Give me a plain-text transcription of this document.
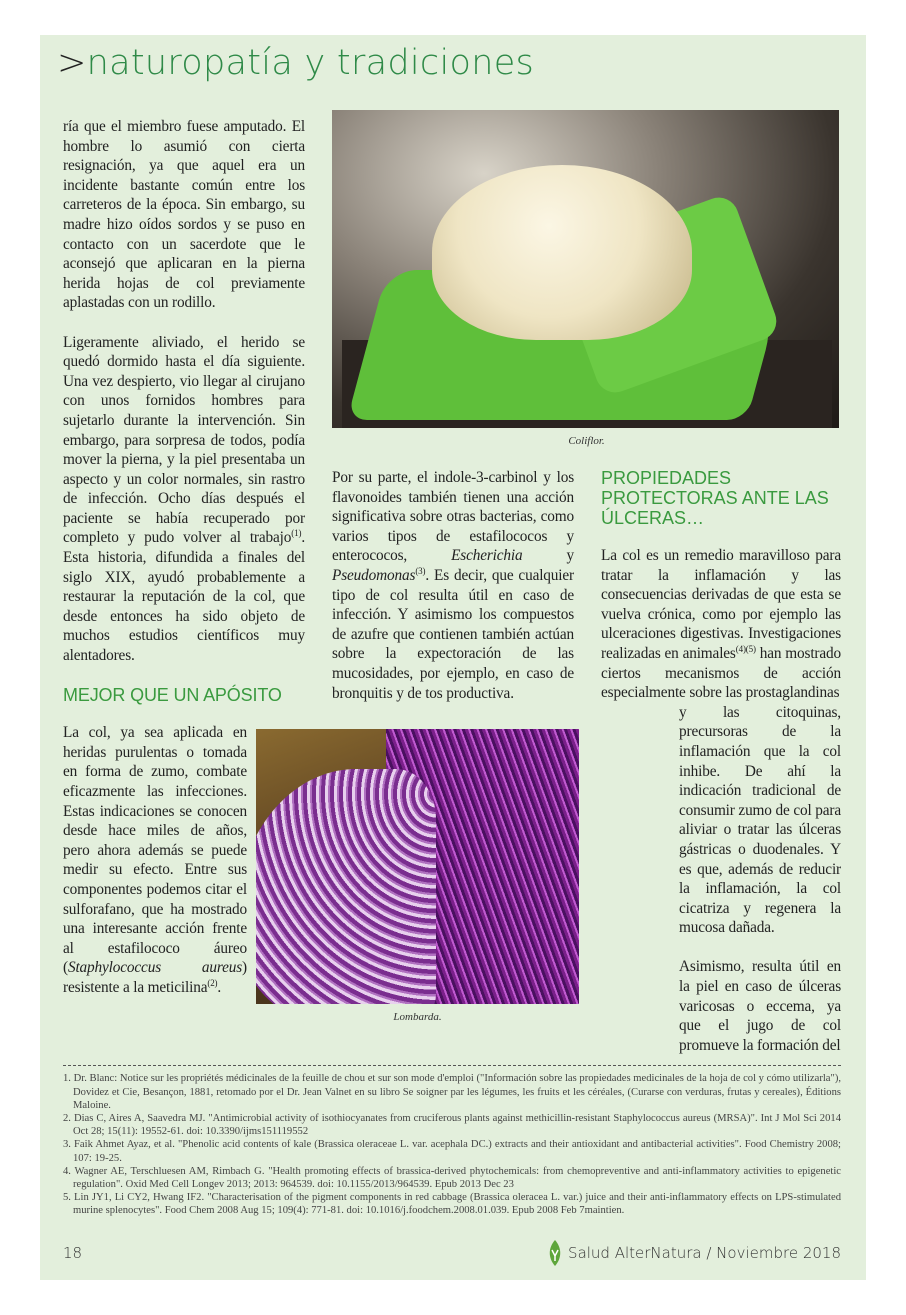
>naturopatía y tradiciones

ría que el miembro fuese amputado. El hombre lo asumió con cierta resignación, ya que aquel era un incidente bastante común entre los carreteros de la época. Sin embargo, su madre hizo oídos sordos y se puso en contacto con un sacerdote que le aconsejó que aplicaran en la pierna herida hojas de col previamente aplastadas con un rodillo.

Ligeramente aliviado, el herido se quedó dormido hasta el día siguiente. Una vez despierto, vio llegar al cirujano con unos fornidos hombres para sujetarlo durante la intervención. Sin embargo, para sorpresa de todos, podía mover la pierna, y la piel presentaba un aspecto y un color normales, sin rastro de infección. Ocho días después el paciente se había recuperado por completo y pudo volver al trabajo$^{(1)}$. Esta historia, difundida a finales del siglo XIX, ayudó probablemente a restaurar la reputación de la col, que desde entonces ha sido objeto de muchos estudios científicos muy alentadores.

MEJOR QUE UN APÓSITO

La col, ya sea aplicada en heridas purulentas o tomada en forma de zumo, combate eficazmente las infecciones. Estas indicaciones se conocen desde hace miles de años, pero ahora además se puede medir su efecto. Entre sus componentes podemos citar el sulforafano, que ha mostrado una interesante acción frente al estafilococo áureo (Staphylococcus aureus) resistente a la meticilina$^{(2)}$.

Coliflor.

Por su parte, el indole-3-carbinol y los flavonoides también tienen una acción significativa sobre otras bacterias, como varios tipos de estafilococos y enterococos, Escherichia y Pseudomonas$^{(3)}$. Es decir, que cualquier tipo de col resulta útil en caso de infección. Y asimismo los compuestos de azufre que contienen también actúan sobre la expectoración de las mucosidades, por ejemplo, en caso de bronquitis y de tos productiva.

Lombarda.
PROPIEDADES PROTECTORAS ANTE LAS ÚLCERAS…

La col es un remedio maravilloso para tratar la inflamación y las consecuencias derivadas de que esta se vuelva crónica, como por ejemplo las ulceraciones digestivas. Investigaciones realizadas en animales$^{(4)(5)}$ han mostrado ciertos mecanismos de acción especialmente sobre las prostaglandinas

y las citoquinas, precursoras de la inflamación que la col inhibe. De ahí la indicación tradicional de consumir zumo de col para aliviar o tratar las úlceras gástricas o duodenales. Y es que, además de reducir la inflamación, la col cicatriza y regenera la mucosa dañada.

Asimismo, resulta útil en la piel en caso de úlceras varicosas o eccema, ya que el jugo de col promueve la formación del

1. Dr. Blanc: Notice sur les propriétés médicinales de la feuille de chou et sur son mode d'emploi ("Información sobre las propiedades medicinales de la hoja de col y cómo utilizarla"), Dovidez et Cie, Besançon, 1881, retomado por el Dr. Jean Valnet en su libro Se soigner par les légumes, les fruits et les céréales, (Curarse con verduras, frutas y cereales), Éditions Maloine.
2. Dias C, Aires A, Saavedra MJ. "Antimicrobial activity of isothiocyanates from cruciferous plants against methicillin-resistant Staphylococcus aureus (MRSA)". Int J Mol Sci 2014 Oct 28; 15(11): 19552-61. doi: 10.3390/ijms151119552
3. Faik Ahmet Ayaz, et al. "Phenolic acid contents of kale (Brassica oleraceae L. var. acephala DC.) extracts and their antioxidant and antibacterial activities". Food Chemistry 2008; 107: 19-25.
4. Wagner AE, Terschluesen AM, Rimbach G. "Health promoting effects of brassica-derived phytochemicals: from chemopreventive and anti-inflammatory activities to epigenetic regulation". Oxid Med Cell Longev 2013; 2013: 964539. doi: 10.1155/2013/964539. Epub 2013 Dec 23
5. Lin JY1, Li CY2, Hwang IF2. "Characterisation of the pigment components in red cabbage (Brassica oleracea L. var.) juice and their anti-inflammatory effects on LPS-stimulated murine splenocytes". Food Chem 2008 Aug 15; 109(4): 771-81. doi: 10.1016/j.foodchem.2008.01.039. Epub 2008 Feb 7maintien.
18	Salud AlterNatura / Noviembre 2018
